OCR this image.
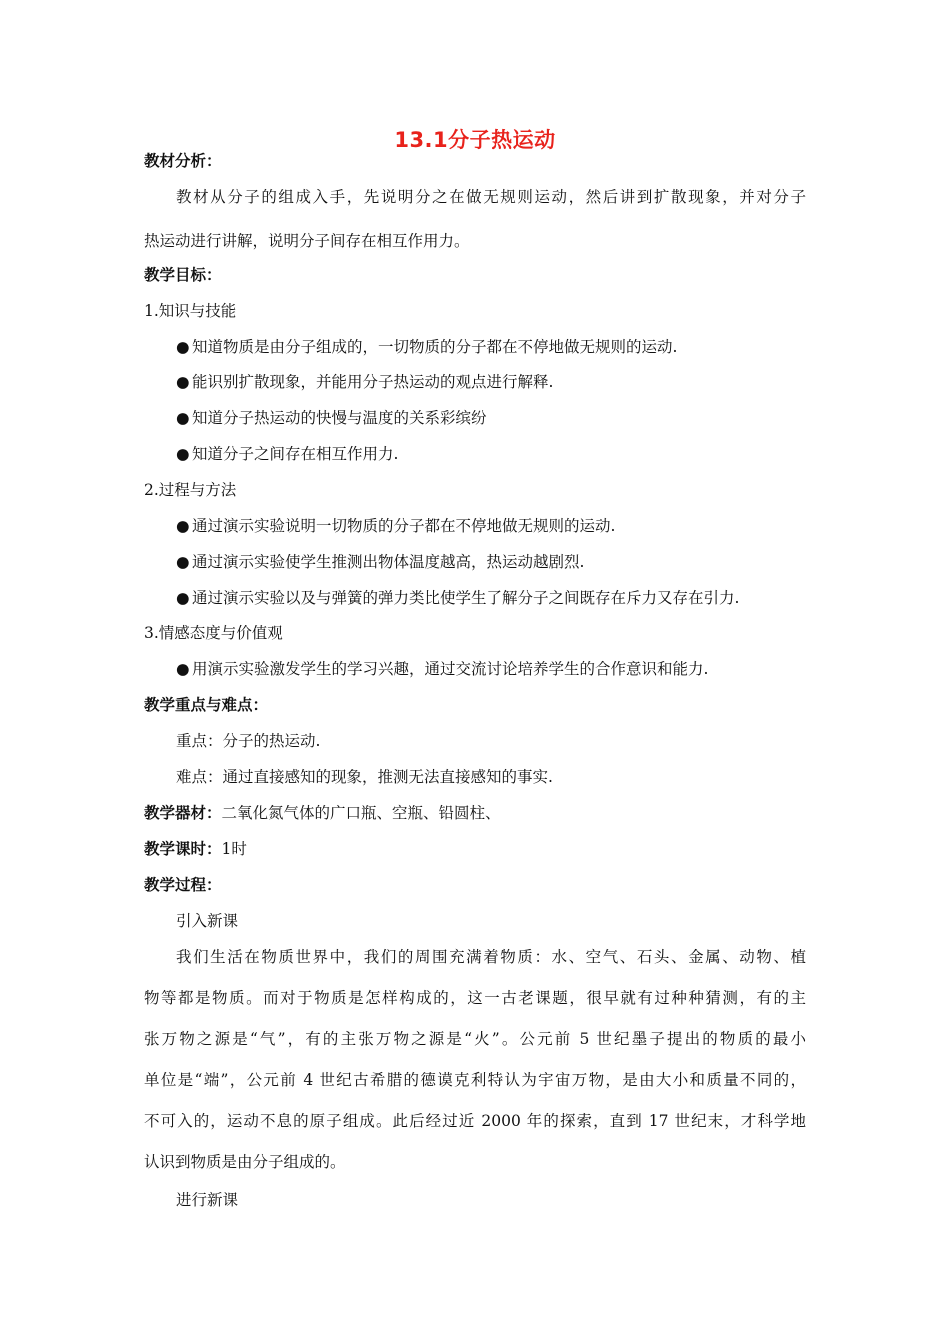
13.1分子热运动
教材分析：
教材从分子的组成入手，先说明分之在做无规则运动，然后讲到扩散现象，并对分子
热运动进行讲解，说明分子间存在相互作用力。
教学目标：
1.知识与技能
● 知道物质是由分子组成的，一切物质的分子都在不停地做无规则的运动.
● 能识别扩散现象，并能用分子热运动的观点进行解释.
● 知道分子热运动的快慢与温度的关系彩缤纷
● 知道分子之间存在相互作用力.
2.过程与方法
● 通过演示实验说明一切物质的分子都在不停地做无规则的运动.
● 通过演示实验使学生推测出物体温度越高，热运动越剧烈.
● 通过演示实验以及与弹簧的弹力类比使学生了解分子之间既存在斥力又存在引力.
3.情感态度与价值观
● 用演示实验激发学生的学习兴趣，通过交流讨论培养学生的合作意识和能力.
教学重点与难点：
重点：分子的热运动.
难点：通过直接感知的现象，推测无法直接感知的事实.
教学器材：二氧化氮气体的广口瓶、空瓶、铅圆柱、
教学课时：1时
教学过程：
引入新课
我们生活在物质世界中，我们的周围充满着物质：水、空气、石头、金属、动物、植
物等都是物质。而对于物质是怎样构成的，这一古老课题，很早就有过种种猜测，有的主
张万物之源是“气”，有的主张万物之源是“火”。公元前 5 世纪墨子提出的物质的最小
单位是“端”，公元前 4 世纪古希腊的德谟克利特认为宇宙万物，是由大小和质量不同的，
不可入的，运动不息的原子组成。此后经过近 2000 年的探索，直到 17 世纪末，才科学地
认识到物质是由分子组成的。
进行新课
